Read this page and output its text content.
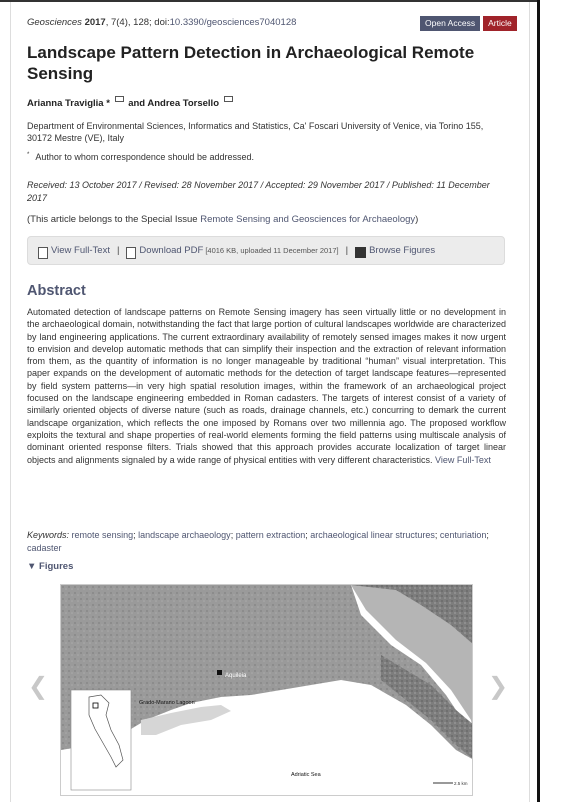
Geosciences 2017, 7(4), 128; doi:10.3390/geosciences7040128	Open Access	Article
Landscape Pattern Detection in Archaeological Remote Sensing
Arianna Traviglia * and Andrea Torsello
Department of Environmental Sciences, Informatics and Statistics, Ca' Foscari University of Venice, via Torino 155, 30172 Mestre (VE), Italy
* Author to whom correspondence should be addressed.
Received: 13 October 2017 / Revised: 28 November 2017 / Accepted: 29 November 2017 / Published: 11 December 2017
(This article belongs to the Special Issue Remote Sensing and Geosciences for Archaeology)
View Full-Text | Download PDF [4016 KB, uploaded 11 December 2017] | Browse Figures
Abstract
Automated detection of landscape patterns on Remote Sensing imagery has seen virtually little or no development in the archaeological domain, notwithstanding the fact that large portion of cultural landscapes worldwide are characterized by land engineering applications. The current extraordinary availability of remotely sensed images makes it now urgent to envision and develop automatic methods that can simplify their inspection and the extraction of relevant information from them, as the quantity of information is no longer manageable by traditional “human” visual interpretation. This paper expands on the development of automatic methods for the detection of target landscape features—represented by field system patterns—in very high spatial resolution images, within the framework of an archaeological project focused on the landscape engineering embedded in Roman cadasters. The targets of interest consist of a variety of similarly oriented objects of diverse nature (such as roads, drainage channels, etc.) concurring to demark the current landscape organization, which reflects the one imposed by Romans over two millennia ago. The proposed workflow exploits the textural and shape properties of real-world elements forming the field patterns using multiscale analysis of dominant oriented response filters. Trials showed that this approach provides accurate localization of target linear objects and alignments signaled by a wide range of physical entities with very different characteristics. View Full-Text
Keywords: remote sensing; landscape archaeology; pattern extraction; archaeological linear structures; centuriation; cadaster
▼ Figures
❮	❯
Aquileia
Grado-Marano Lagoon
Adriatic Sea
2.5 km
